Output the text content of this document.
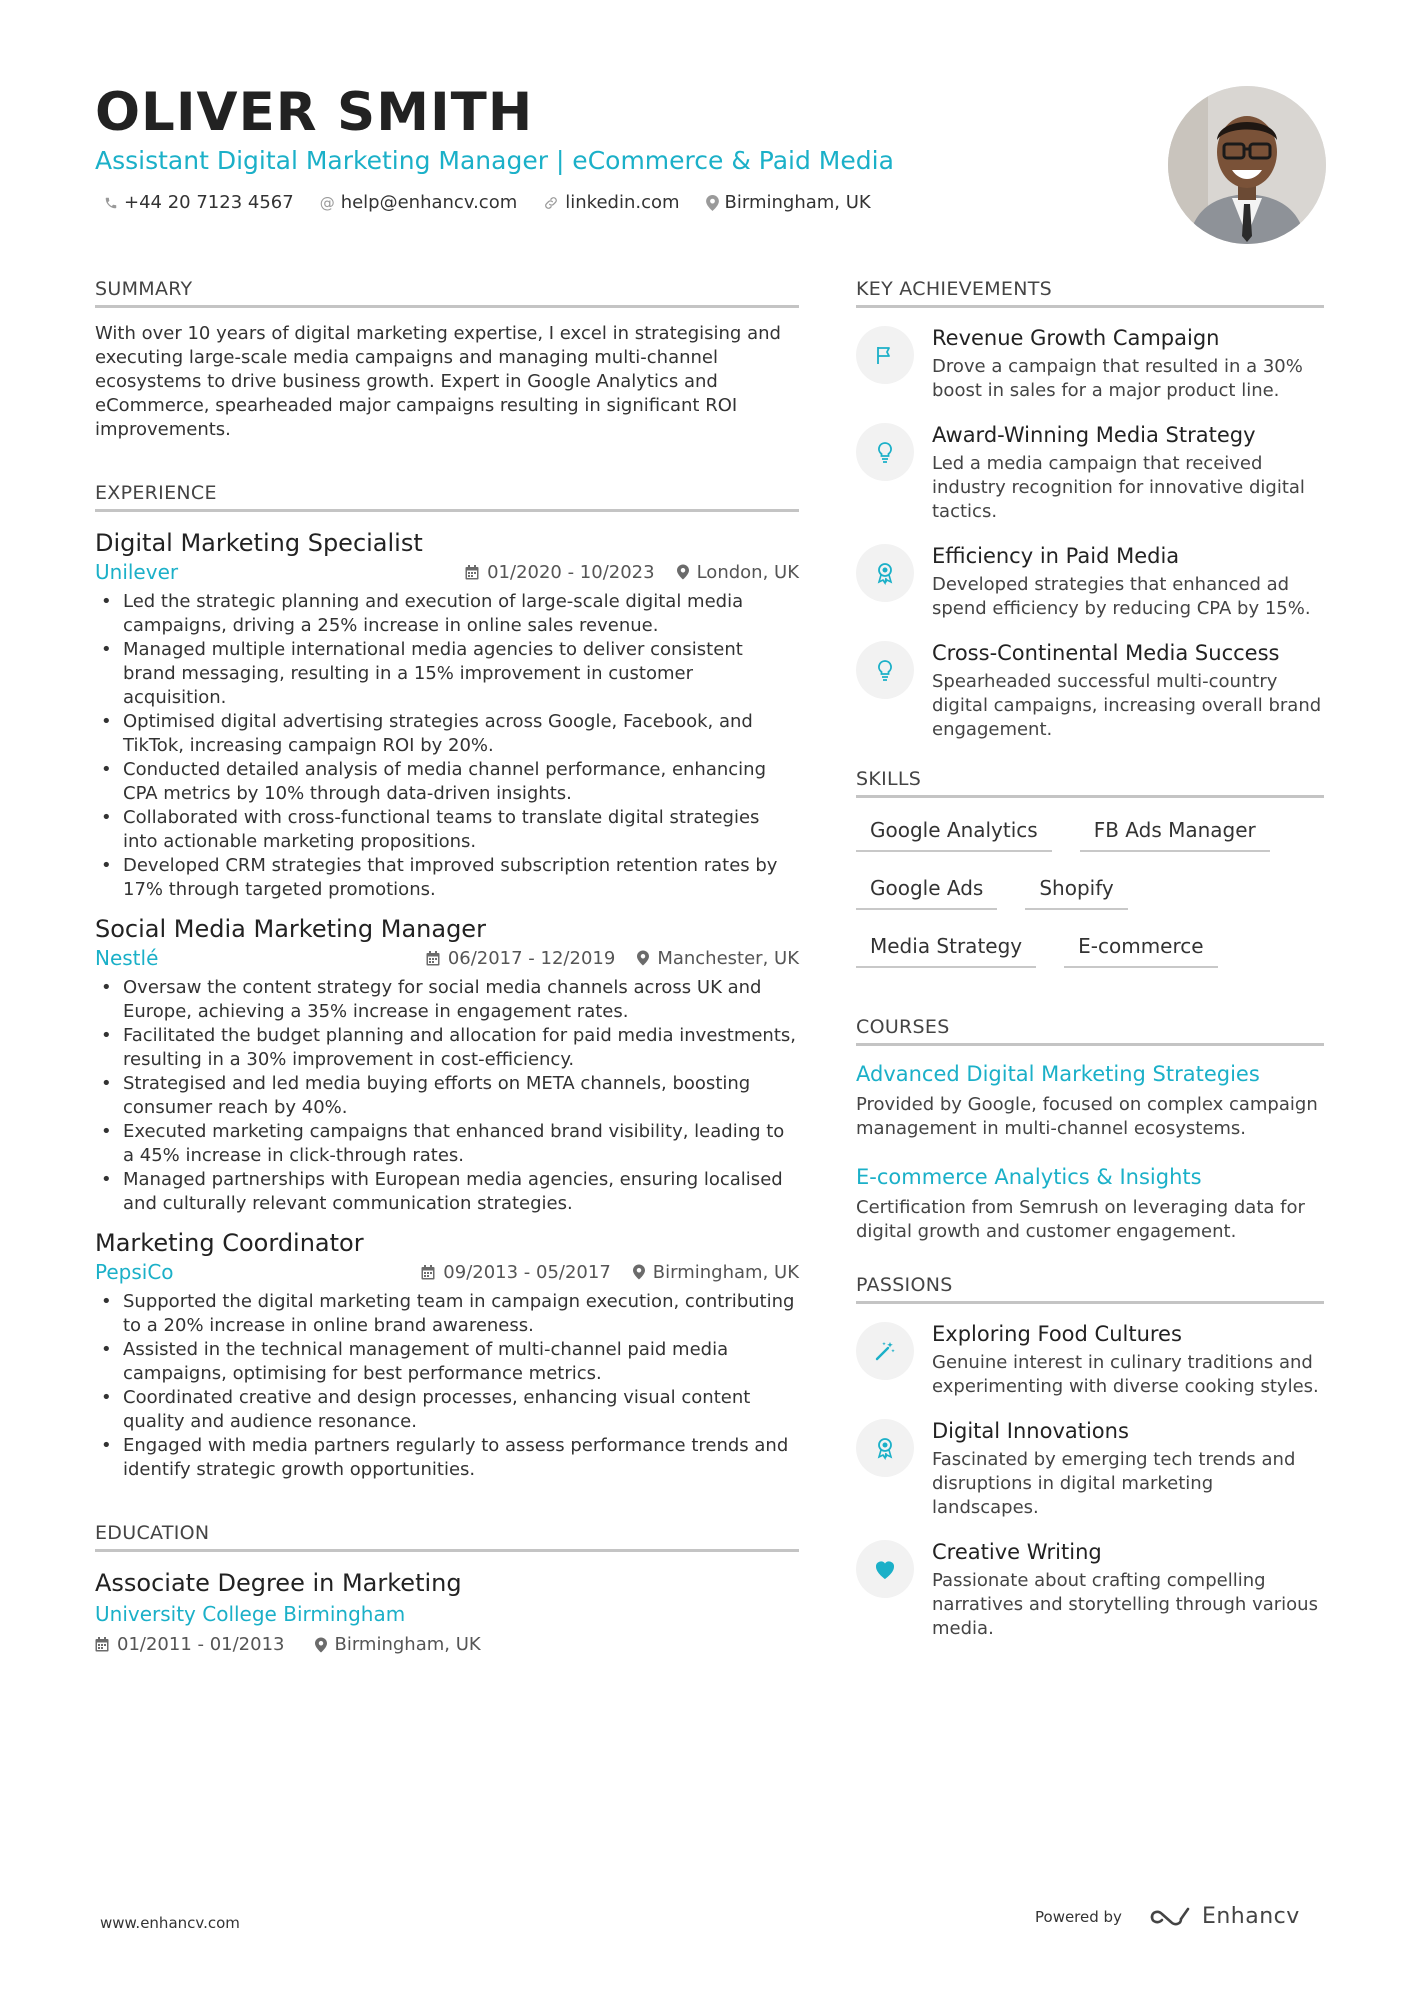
OLIVER SMITH
Assistant Digital Marketing Manager | eCommerce & Paid Media
+44 20 7123 4567 @ help@enhancv.com	linkedin.com	Birmingham, UK
SUMMARY

With over 10 years of digital marketing expertise, I excel in strategising and executing large-scale media campaigns and managing multi-channel ecosystems to drive business growth. Expert in Google Analytics and eCommerce, spearheaded major campaigns resulting in significant ROI improvements.

EXPERIENCE
Digital Marketing Specialist
Unilever	01/2020 - 10/2023 London, UK
• Led the strategic planning and execution of large-scale digital media campaigns, driving a 25% increase in online sales revenue.
• Managed multiple international media agencies to deliver consistent brand messaging, resulting in a 15% improvement in customer acquisition.
• Optimised digital advertising strategies across Google, Facebook, and TikTok, increasing campaign ROI by 20%.
• Conducted detailed analysis of media channel performance, enhancing CPA metrics by 10% through data-driven insights.
• Collaborated with cross-functional teams to translate digital strategies into actionable marketing propositions.
• Developed CRM strategies that improved subscription retention rates by 17% through targeted promotions.
Social Media Marketing Manager
Nestlé	06/2017 - 12/2019 Manchester, UK
• Oversaw the content strategy for social media channels across UK and Europe, achieving a 35% increase in engagement rates.
• Facilitated the budget planning and allocation for paid media investments, resulting in a 30% improvement in cost-efficiency.
• Strategised and led media buying efforts on META channels, boosting consumer reach by 40%.
• Executed marketing campaigns that enhanced brand visibility, leading to a 45% increase in click-through rates.
• Managed partnerships with European media agencies, ensuring localised and culturally relevant communication strategies.
Marketing Coordinator
PepsiCo	09/2013 - 05/2017 Birmingham, UK
• Supported the digital marketing team in campaign execution, contributing to a 20% increase in online brand awareness.
• Assisted in the technical management of multi-channel paid media campaigns, optimising for best performance metrics.
• Coordinated creative and design processes, enhancing visual content quality and audience resonance.
• Engaged with media partners regularly to assess performance trends and identify strategic growth opportunities.
EDUCATION
Associate Degree in Marketing
University College Birmingham
01/2011 - 01/2013	Birmingham, UK
KEY ACHIEVEMENTS
Revenue Growth Campaign
Drove a campaign that resulted in a 30% boost in sales for a major product line.
Award-Winning Media Strategy
Led a media campaign that received industry recognition for innovative digital tactics.
Efficiency in Paid Media
Developed strategies that enhanced ad spend efficiency by reducing CPA by 15%.
Cross-Continental Media Success
Spearheaded successful multi-country digital campaigns, increasing overall brand engagement.
SKILLS
Google Analytics	FB Ads Manager
Google Ads	Shopify
Media Strategy	E-commerce
COURSES
Advanced Digital Marketing Strategies
Provided by Google, focused on complex campaign management in multi-channel ecosystems.
E-commerce Analytics & Insights
Certification from Semrush on leveraging data for digital growth and customer engagement.
PASSIONS
Exploring Food Cultures
Genuine interest in culinary traditions and experimenting with diverse cooking styles.
Digital Innovations
Fascinated by emerging tech trends and disruptions in digital marketing landscapes.
Creative Writing
Passionate about crafting compelling narratives and storytelling through various media.
www.enhancv.com	Powered by	Enhancv
